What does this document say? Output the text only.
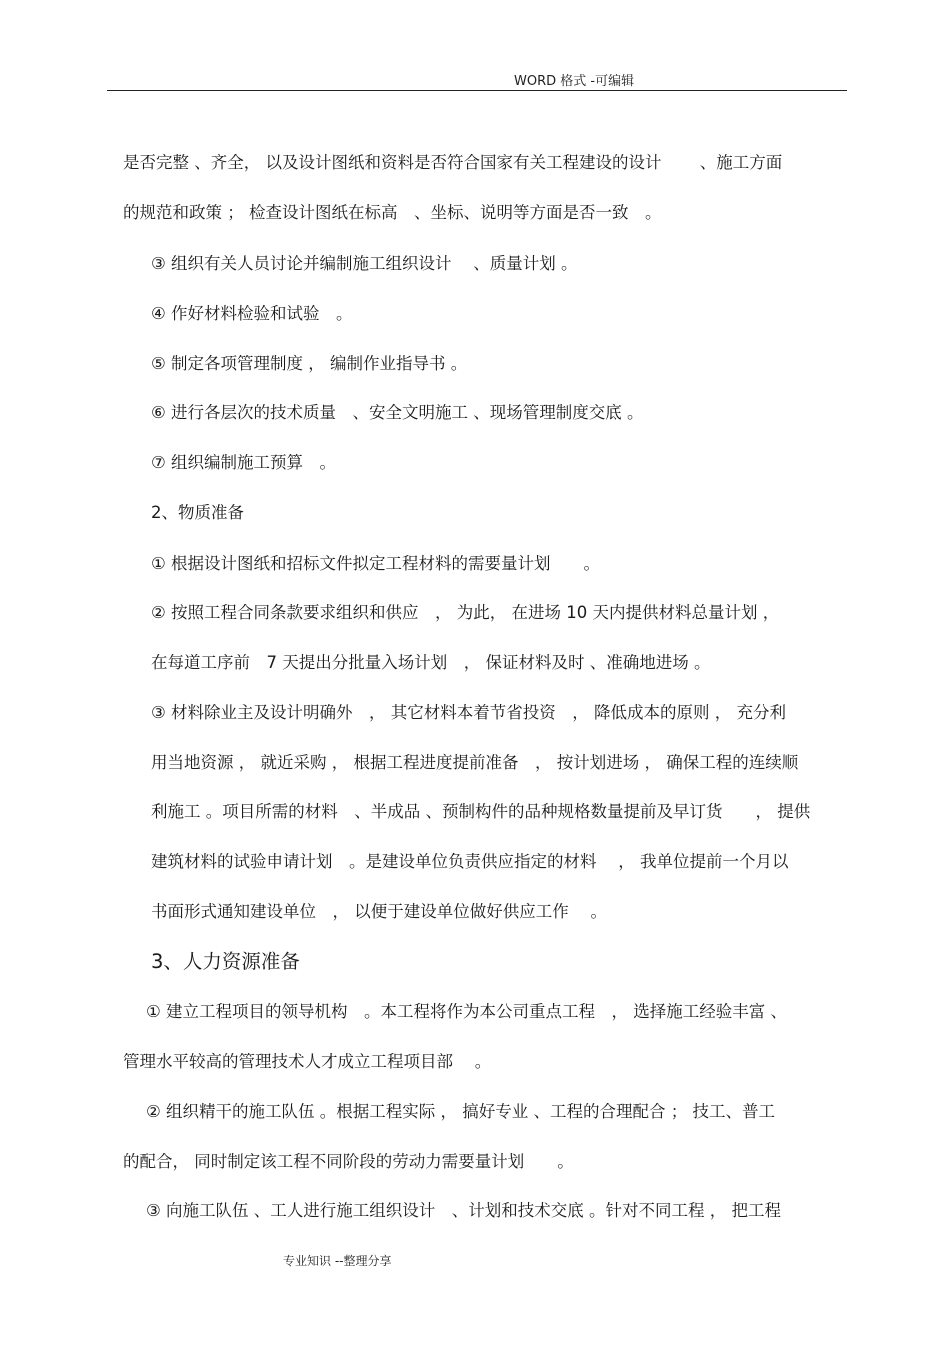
WORD 格式 -可编辑
是否完整 、齐全， 以及设计图纸和资料是否符合国家有关工程建设的设计　　 、施工方面
的规范和政策 ； 检查设计图纸在标高　、坐标、说明等方面是否一致　。
③ 组织有关人员讨论并编制施工组织设计　 、质量计划 。
④ 作好材料检验和试验　。
⑤ 制定各项管理制度 ， 编制作业指导书 。
⑥ 进行各层次的技术质量　、安全文明施工 、现场管理制度交底 。
⑦ 组织编制施工预算　。
2、物质准备
① 根据设计图纸和招标文件拟定工程材料的需要量计划　　。
② 按照工程合同条款要求组织和供应　， 为此， 在进场 10 天内提供材料总量计划 ，
在每道工序前　7 天提出分批量入场计划　， 保证材料及时 、准确地进场 。
③ 材料除业主及设计明确外　， 其它材料本着节省投资　， 降低成本的原则 ， 充分利
用当地资源 ， 就近采购 ， 根据工程进度提前准备　， 按计划进场 ， 确保工程的连续顺
利施工 。项目所需的材料　、半成品 、预制构件的品种规格数量提前及早订货　　， 提供
建筑材料的试验申请计划　。是建设单位负责供应指定的材料　 ， 我单位提前一个月以
书面形式通知建设单位　， 以便于建设单位做好供应工作　 。
3、人力资源准备
① 建立工程项目的领导机构　。本工程将作为本公司重点工程　， 选择施工经验丰富 、
管理水平较高的管理技术人才成立工程项目部　 。
② 组织精干的施工队伍 。根据工程实际 ， 搞好专业 、工程的合理配合 ； 技工、普工
的配合， 同时制定该工程不同阶段的劳动力需要量计划　　。
③ 向施工队伍 、工人进行施工组织设计　、计划和技术交底 。针对不同工程 ， 把工程
专业知识 --整理分享
